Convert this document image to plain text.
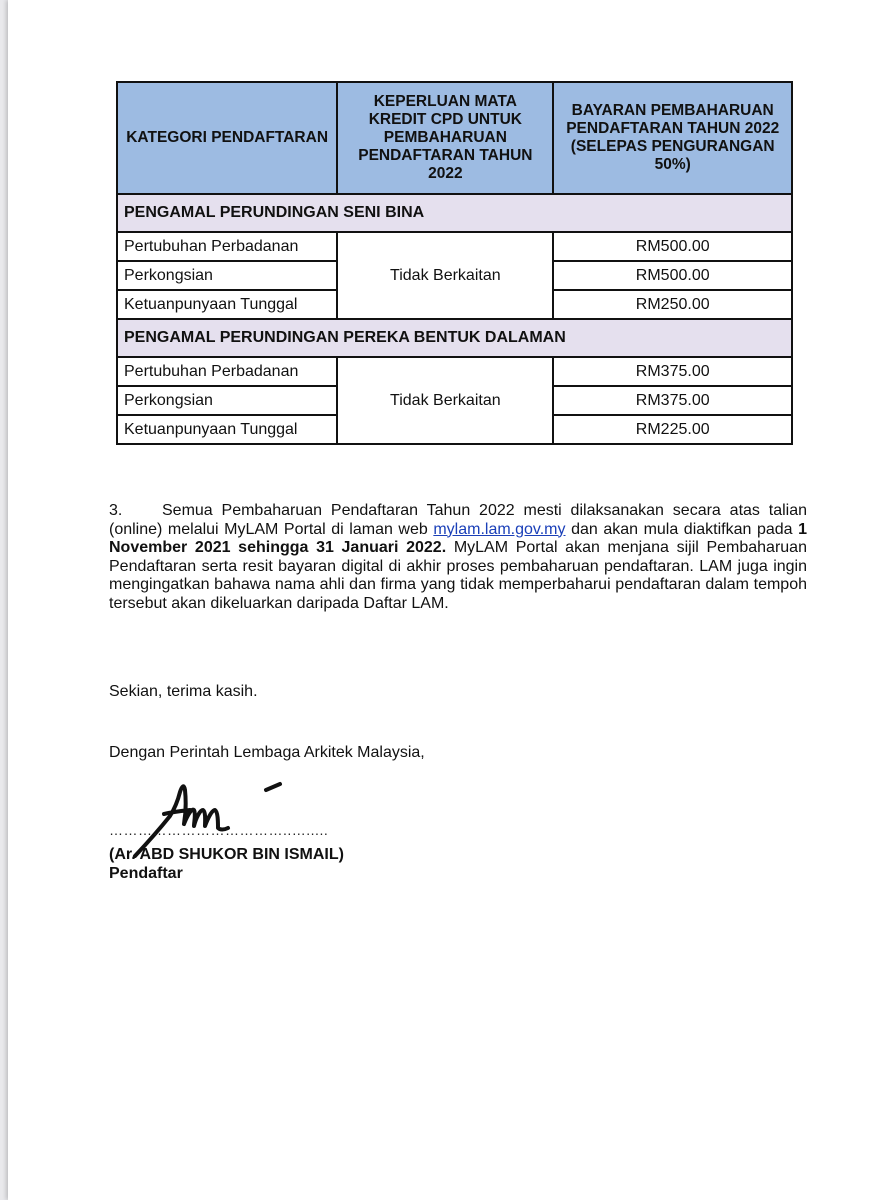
KATEGORI PENDAFTARAN	KEPERLUAN MATA KREDIT CPD UNTUK PEMBAHARUAN PENDAFTARAN TAHUN 2022	BAYARAN PEMBAHARUAN PENDAFTARAN TAHUN 2022 (SELEPAS PENGURANGAN 50%)
PENGAMAL PERUNDINGAN SENI BINA		
Pertubuhan Perbadanan	Tidak Berkaitan	RM500.00
Perkongsian		RM500.00
Ketuanpunyaan Tunggal		RM250.00
PENGAMAL PERUNDINGAN PEREKA BENTUK DALAMAN		
Pertubuhan Perbadanan	Tidak Berkaitan	RM375.00
Perkongsian		RM375.00
Ketuanpunyaan Tunggal		RM225.00

3. Semua Pembaharuan Pendaftaran Tahun 2022 mesti dilaksanakan secara atas talian (online) melalui MyLAM Portal di laman web mylam.lam.gov.my dan akan mula diaktifkan pada 1 November 2021 sehingga 31 Januari 2022. MyLAM Portal akan menjana sijil Pembaharuan Pendaftaran serta resit bayaran digital di akhir proses pembaharuan pendaftaran. LAM juga ingin mengingatkan bahawa nama ahli dan firma yang tidak memperbaharui pendaftaran dalam tempoh tersebut akan dikeluarkan daripada Daftar LAM.

Sekian, terima kasih.
Dengan Perintah Lembaga Arkitek Malaysia,
………………………………..….....
(Ar. ABD SHUKOR BIN ISMAIL)
Pendaftar
